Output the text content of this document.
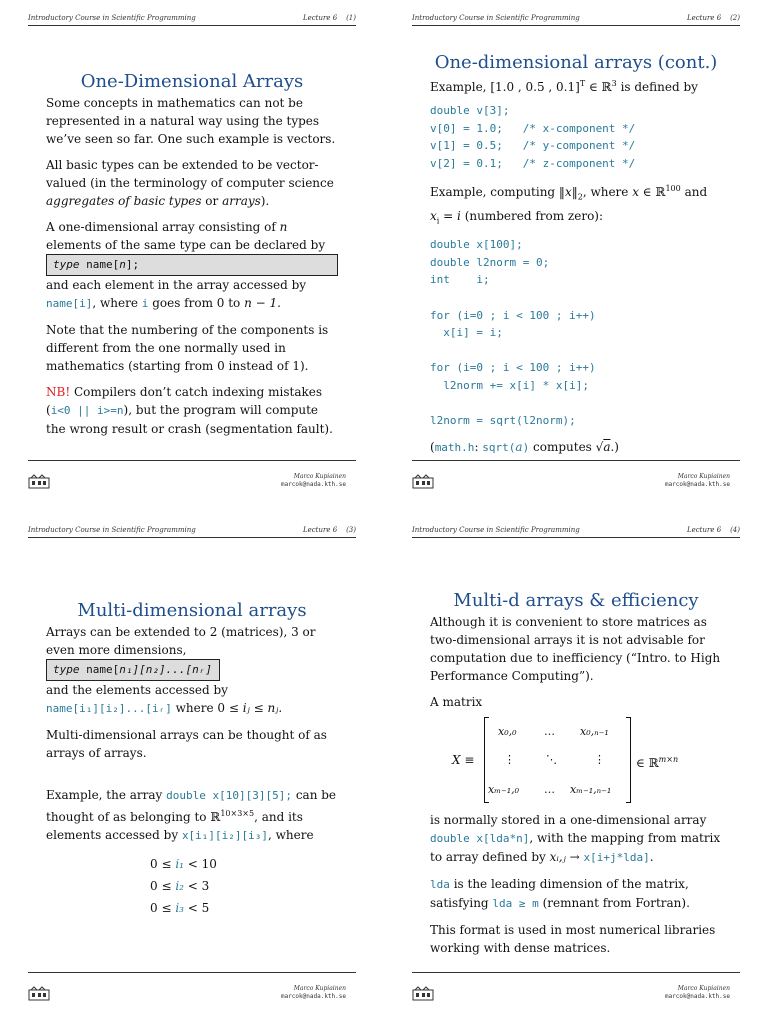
Introductory Course in Scientific Programming	Lecture 6 (1)
One-Dimensional Arrays

Some concepts in mathematics can not be represented in a natural way using the types we’ve seen so far. One such example is vectors.

All basic types can be extended to be vector-valued (in the terminology of computer science aggregates of basic types or arrays).

A one-dimensional array consisting of n elements of the same type can be declared by

type name[n];

and each element in the array accessed by
name[i], where i goes from 0 to n − 1.

Note that the numbering of the components is different from the one normally used in mathematics (starting from 0 instead of 1).

NB! Compilers don’t catch indexing mistakes (i<0 || i>=n), but the program will compute the wrong result or crash (segmentation fault).

Marco Kupiainen
marcok@nada.kth.se
Introductory Course in Scientific Programming	Lecture 6 (2)
One-dimensional arrays (cont.)

Example, [1.0 , 0.5 , 0.1]$^T$ ∈ ℝ$^3$ is defined by

double v[3];
v[0] = 1.0;   /* x-component */
v[1] = 0.5;   /* y-component */
v[2] = 0.1;   /* z-component */

Example, computing $‖x‖_2$, where x ∈ ℝ$^{100}$ and
$x_i = i$ (numbered from zero):

double x[100];
double l2norm = 0;
int    i;

for (i=0 ; i < 100 ; i++)
x[i] = i;

for (i=0 ; i < 100 ; i++)
l2norm += x[i] * x[i];

l2norm = sqrt(l2norm);

(math.h: sqrt(a) computes √a.)

Marco Kupiainen
marcok@nada.kth.se
Introductory Course in Scientific Programming	Lecture 6 (3)
Multi-dimensional arrays

Arrays can be extended to 2 (matrices), 3 or even more dimensions,

type name[n₁][n₂]...[nᵣ]

and the elements accessed by
name[i₁][i₂]...[iᵣ] where 0 ≤ iⱼ ≤ nⱼ.

Multi-dimensional arrays can be thought of as arrays of arrays.

Example, the array double x[10][3][5]; can be thought of as belonging to ℝ$^{10\times 3\times 5}$, and its elements accessed by x[i₁][i₂][i₃], where

0 ≤ i₁ < 10
0 ≤ i₂ < 3
0 ≤ i₃ < 5
Marco Kupiainen
marcok@nada.kth.se
Introductory Course in Scientific Programming	Lecture 6 (4)
Multi-d arrays & efficiency

Although it is convenient to store matrices as two-dimensional arrays it is not advisable for computation due to inefficiency (“Intro. to High Performance Computing”).

A matrix

X ≡
x₀,₀ … x₀,ₙ₋₁
⋮	⋱	⋮
xₘ₋₁,₀ … xₘ₋₁,ₙ₋₁
∈ ℝ$^{m\times n}$

is normally stored in a one-dimensional array
double x[lda*n], with the mapping from matrix to array defined by xᵢ,ⱼ → x[i+j*lda].

lda is the leading dimension of the matrix, satisfying lda ≥ m (remnant from Fortran).

This format is used in most numerical libraries working with dense matrices.

Marco Kupiainen
marcok@nada.kth.se
